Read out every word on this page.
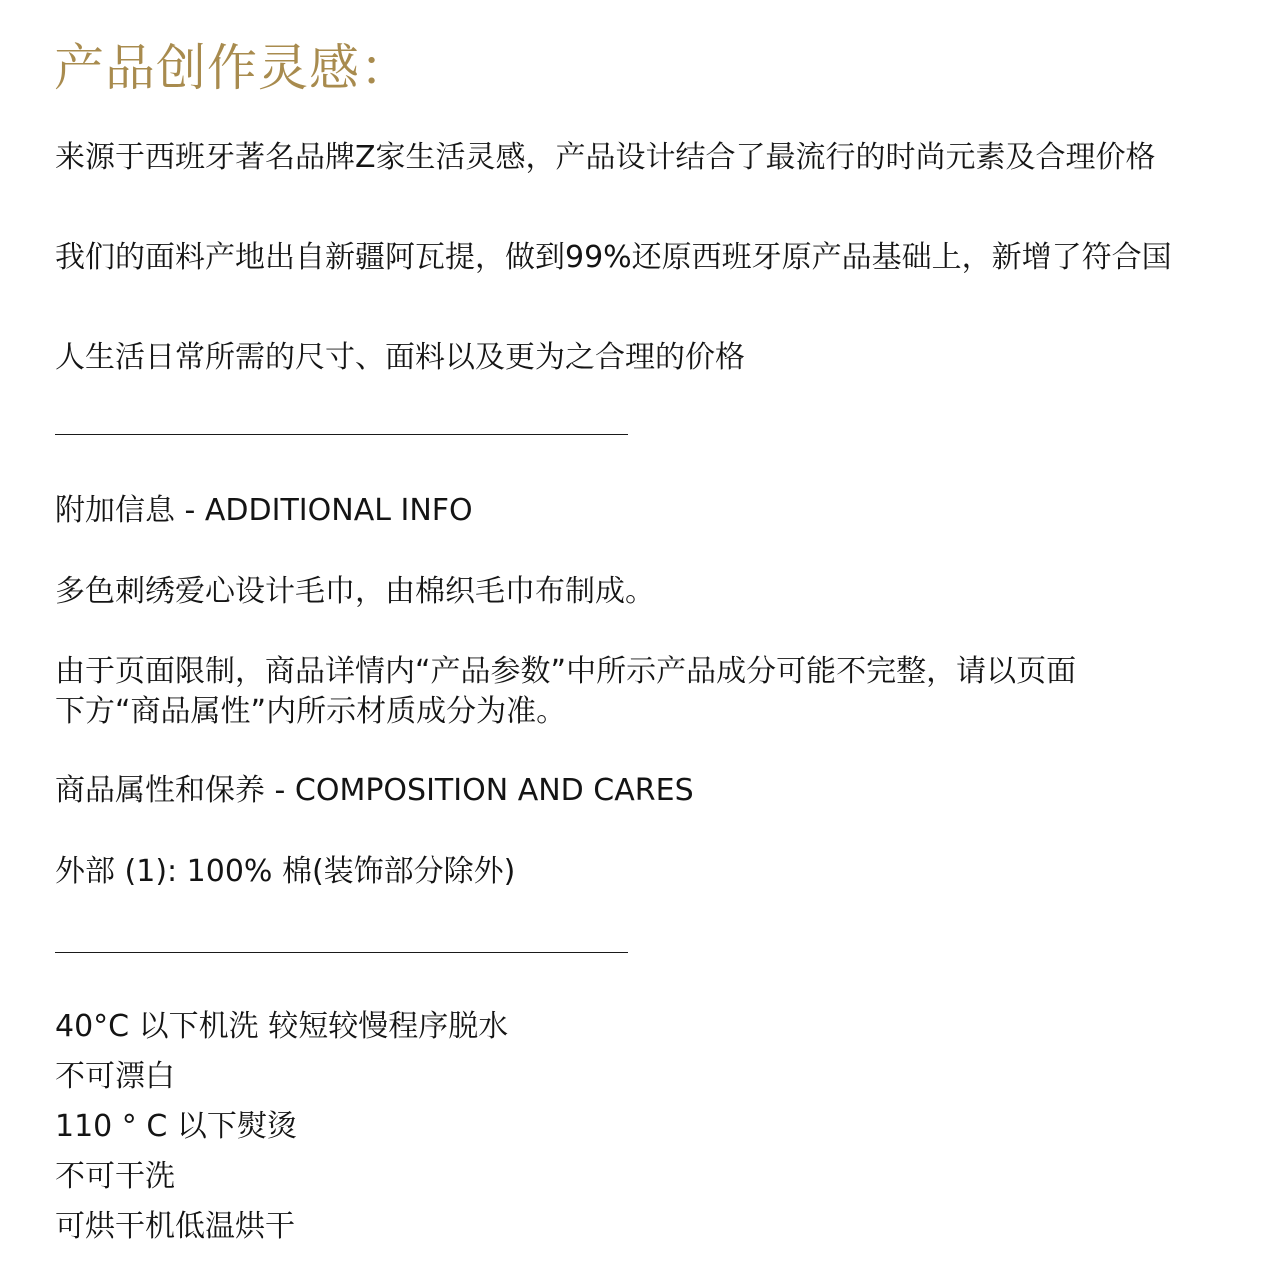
产品创作灵感：
来源于西班牙著名品牌Z家生活灵感，产品设计结合了最流行的时尚元素及合理价格
我们的面料产地出自新疆阿瓦提，做到99%还原西班牙原产品基础上，新增了符合国
人生活日常所需的尺寸、面料以及更为之合理的价格
附加信息 - ADDITIONAL INFO
多色刺绣爱心设计毛巾，由棉织毛巾布制成。
由于页面限制，商品详情内“产品参数”中所示产品成分可能不完整，请以页面
下方“商品属性”内所示材质成分为准。
商品属性和保养 - COMPOSITION AND CARES
外部 (1): 100% 棉(装饰部分除外)
40°C 以下机洗 较短较慢程序脱水
不可漂白
110 ° C 以下熨烫
不可干洗
可烘干机低温烘干
